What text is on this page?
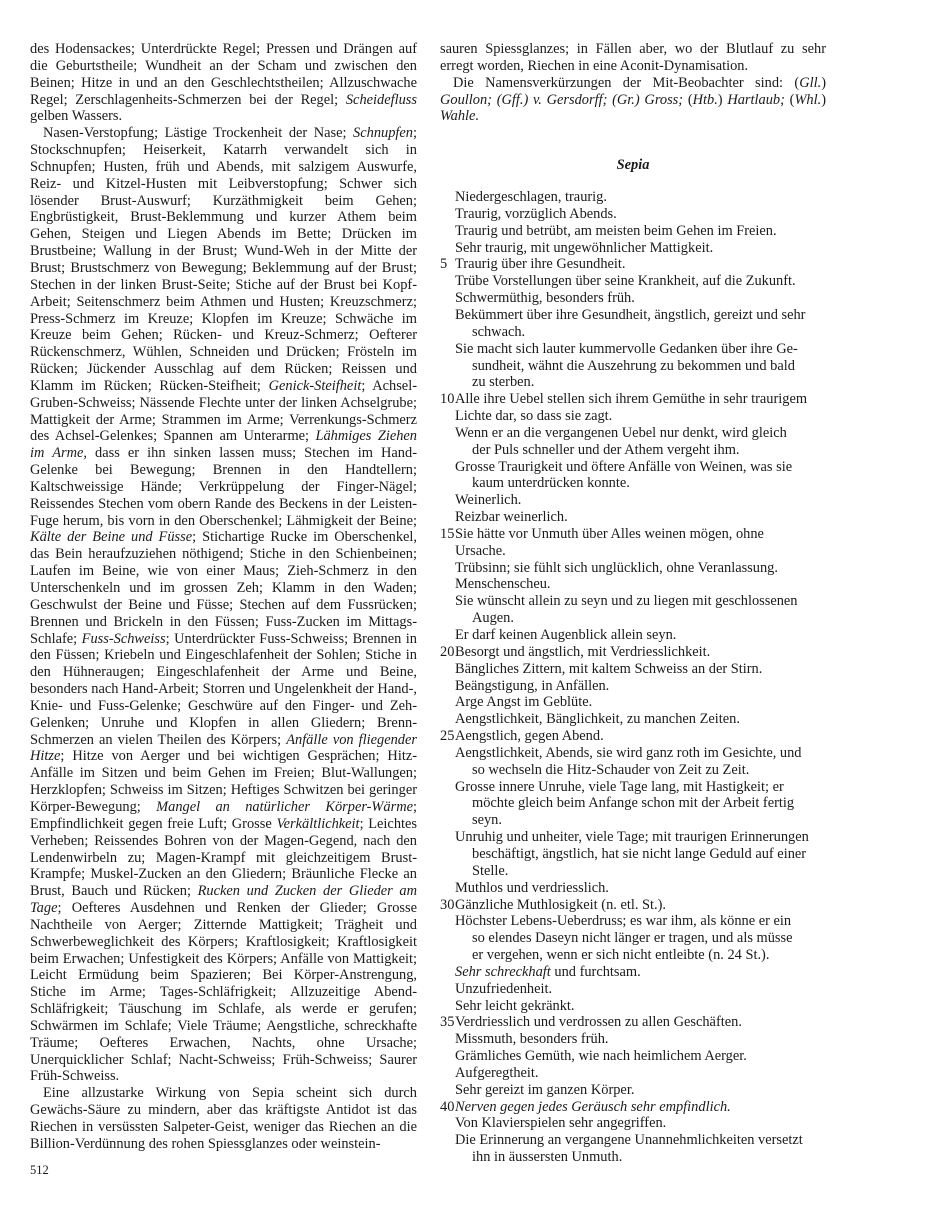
des Hodensackes; Unterdrückte Regel; Pressen und Drängen auf die Geburtstheile; Wundheit an der Scham und zwischen den Beinen; Hitze in und an den Geschlechtstheilen; Allzuschwache Regel; Zerschlagenheits-Schmerzen bei der Regel; Scheidefluss gelben Wassers.

Nasen-Verstopfung; Lästige Trockenheit der Nase; Schnupfen; Stockschnupfen; Heiserkeit, Katarrh verwandelt sich in Schnupfen; Husten, früh und Abends, mit salzigem Auswurfe, Reiz- und Kitzel-Husten mit Leibverstopfung; Schwer sich lösender Brust-Auswurf; Kurzäthmigkeit beim Gehen; Engbrüstigkeit, Brust-Beklemmung und kurzer Athem beim Gehen, Steigen und Liegen Abends im Bette; Drücken im Brustbeine; Wallung in der Brust; Wund-Weh in der Mitte der Brust; Brustschmerz von Bewegung; Beklemmung auf der Brust; Stechen in der linken Brust-Seite; Stiche auf der Brust bei Kopf-Arbeit; Seitenschmerz beim Athmen und Husten; Kreuzschmerz; Press-Schmerz im Kreuze; Klopfen im Kreuze; Schwäche im Kreuze beim Gehen; Rücken- und Kreuz-Schmerz; Oefterer Rückenschmerz, Wühlen, Schneiden und Drücken; Frösteln im Rücken; Jückender Ausschlag auf dem Rücken; Reissen und Klamm im Rücken; Rücken-Steifheit; Genick-Steifheit; Achsel-Gruben-Schweiss; Nässende Flechte unter der linken Achselgrube; Mattigkeit der Arme; Strammen im Arme; Verrenkungs-Schmerz des Achsel-Gelenkes; Spannen am Unterarme; Lähmiges Ziehen im Arme, dass er ihn sinken lassen muss; Stechen im Hand-Gelenke bei Bewegung; Brennen in den Handtellern; Kaltschweissige Hände; Verkrüppelung der Finger-Nägel; Reissendes Stechen vom obern Rande des Beckens in der Leisten-Fuge herum, bis vorn in den Oberschenkel; Lähmigkeit der Beine; Kälte der Beine und Füsse; Stichartige Rucke im Oberschenkel, das Bein heraufzuziehen nöthigend; Stiche in den Schienbeinen; Laufen im Beine, wie von einer Maus; Zieh-Schmerz in den Unterschenkeln und im grossen Zeh; Klamm in den Waden; Geschwulst der Beine und Füsse; Stechen auf dem Fussrücken; Brennen und Brickeln in den Füssen; Fuss-Zucken im Mittags-Schlafe; Fuss-Schweiss; Unterdrückter Fuss-Schweiss; Brennen in den Füssen; Kriebeln und Eingeschlafenheit der Sohlen; Stiche in den Hühneraugen; Eingeschlafenheit der Arme und Beine, besonders nach Hand-Arbeit; Storren und Ungelenkheit der Hand-, Knie- und Fuss-Gelenke; Geschwüre auf den Finger- und Zeh-Gelenken; Unruhe und Klopfen in allen Gliedern; Brenn-Schmerzen an vielen Theilen des Körpers; Anfälle von fliegender Hitze; Hitze von Aerger und bei wichtigen Gesprächen; Hitz-Anfälle im Sitzen und beim Gehen im Freien; Blut-Wallungen; Herzklopfen; Schweiss im Sitzen; Heftiges Schwitzen bei geringer Körper-Bewegung; Mangel an natürlicher Körper-Wärme; Empfindlichkeit gegen freie Luft; Grosse Verkältlichkeit; Leichtes Verheben; Reissendes Bohren von der Magen-Gegend, nach den Lendenwirbeln zu; Magen-Krampf mit gleichzeitigem Brust-Krampfe; Muskel-Zucken an den Gliedern; Bräunliche Flecke an Brust, Bauch und Rücken; Rucken und Zucken der Glieder am Tage; Oefteres Ausdehnen und Renken der Glieder; Grosse Nachtheile von Aerger; Zitternde Mattigkeit; Trägheit und Schwerbeweglichkeit des Körpers; Kraftlosigkeit; Kraftlosigkeit beim Erwachen; Unfestigkeit des Körpers; Anfälle von Mattigkeit; Leicht Ermüdung beim Spazieren; Bei Körper-Anstrengung, Stiche im Arme; Tages-Schläfrigkeit; Allzuzeitige Abend-Schläfrigkeit; Täuschung im Schlafe, als werde er gerufen; Schwärmen im Schlafe; Viele Träume; Aengstliche, schreckhafte Träume; Oefteres Erwachen, Nachts, ohne Ursache; Unerquicklicher Schlaf; Nacht-Schweiss; Früh-Schweiss; Saurer Früh-Schweiss.

Eine allzustarke Wirkung von Sepia scheint sich durch Gewächs-Säure zu mindern, aber das kräftigste Antidot ist das Riechen in versüssten Salpeter-Geist, weniger das Riechen an die Billion-Verdünnung des rohen Spiessglanzes oder weinstein-

sauren Spiessglanzes; in Fällen aber, wo der Blutlauf zu sehr erregt worden, Riechen in eine Aconit-Dynamisation.

Die Namensverkürzungen der Mit-Beobachter sind: (Gll.) Goullon; (Gff.) v. Gersdorff; (Gr.) Gross; (Htb.) Hartlaub; (Whl.) Wahle.

Sepia
Niedergeschlagen, traurig.
Traurig, vorzüglich Abends.
Traurig und betrübt, am meisten beim Gehen im Freien.
Sehr traurig, mit ungewöhnlicher Mattigkeit.
5 Traurig über ihre Gesundheit.
Trübe Vorstellungen über seine Krankheit, auf die Zukunft.
Schwermüthig, besonders früh.
Bekümmert über ihre Gesundheit, ängstlich, gereizt und sehr
schwach.
Sie macht sich lauter kummervolle Gedanken über ihre Ge-
sundheit, wähnt die Auszehrung zu bekommen und bald
zu sterben.
10 Alle ihre Uebel stellen sich ihrem Gemüthe in sehr traurigem
Lichte dar, so dass sie zagt.
Wenn er an die vergangenen Uebel nur denkt, wird gleich
der Puls schneller und der Athem vergeht ihm.
Grosse Traurigkeit und öftere Anfälle von Weinen, was sie
kaum unterdrücken konnte.
Weinerlich.
Reizbar weinerlich.
15 Sie hätte vor Unmuth über Alles weinen mögen, ohne
Ursache.
Trübsinn; sie fühlt sich unglücklich, ohne Veranlassung.
Menschenscheu.
Sie wünscht allein zu seyn und zu liegen mit geschlossenen
Augen.
Er darf keinen Augenblick allein seyn.
20 Besorgt und ängstlich, mit Verdriesslichkeit.
Bängliches Zittern, mit kaltem Schweiss an der Stirn.
Beängstigung, in Anfällen.
Arge Angst im Geblüte.
Aengstlichkeit, Bänglichkeit, zu manchen Zeiten.
25 Aengstlich, gegen Abend.
Aengstlichkeit, Abends, sie wird ganz roth im Gesichte, und
so wechseln die Hitz-Schauder von Zeit zu Zeit.
Grosse innere Unruhe, viele Tage lang, mit Hastigkeit; er
möchte gleich beim Anfange schon mit der Arbeit fertig
seyn.
Unruhig und unheiter, viele Tage; mit traurigen Erinnerungen
beschäftigt, ängstlich, hat sie nicht lange Geduld auf einer
Stelle.
Muthlos und verdriesslich.
30 Gänzliche Muthlosigkeit (n. etl. St.).
Höchster Lebens-Ueberdruss; es war ihm, als könne er ein
so elendes Daseyn nicht länger er tragen, und als müsse
er vergehen, wenn er sich nicht entleibte (n. 24 St.).
Sehr schreckhaft und furchtsam.
Unzufriedenheit.
Sehr leicht gekränkt.
35 Verdriesslich und verdrossen zu allen Geschäften.
Missmuth, besonders früh.
Grämliches Gemüth, wie nach heimlichem Aerger.
Aufgeregtheit.
Sehr gereizt im ganzen Körper.
40 Nerven gegen jedes Geräusch sehr empfindlich.
Von Klavierspielen sehr angegriffen.
Die Erinnerung an vergangene Unannehmlichkeiten versetzt
ihn in äussersten Unmuth.
512
